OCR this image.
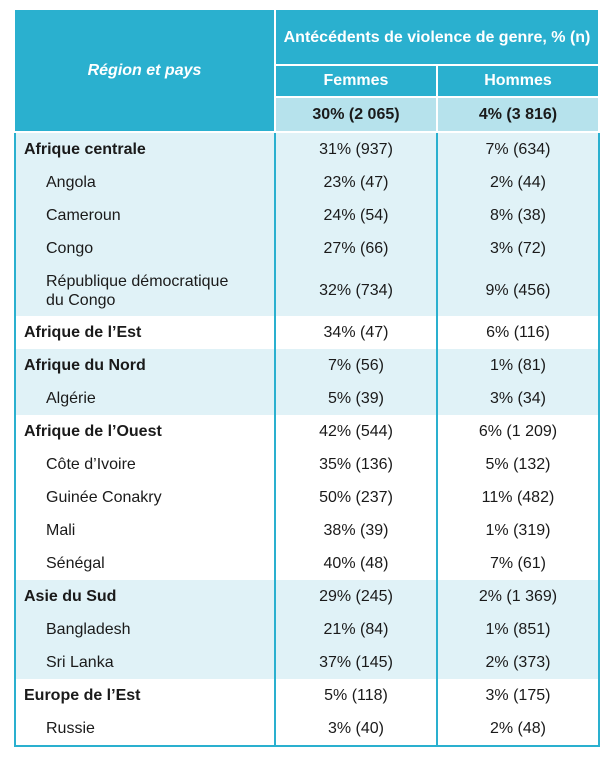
Région et pays	Antécédents de violence de genre, % (n)	
	Femmes	Hommes
	30% (2 065)	4% (3 816)
Afrique centrale	31% (937)	7% (634)
Angola	23% (47)	2% (44)
Cameroun	24% (54)	8% (38)
Congo	27% (66)	3% (72)
République démocratique
du Congo	32% (734)	9% (456)
Afrique de l’Est	34% (47)	6% (116)
Afrique du Nord	7% (56)	1% (81)
Algérie	5% (39)	3% (34)
Afrique de l’Ouest	42% (544)	6% (1 209)
Côte d’Ivoire	35% (136)	5% (132)
Guinée Conakry	50% (237)	11% (482)
Mali	38% (39)	1% (319)
Sénégal	40% (48)	7% (61)
Asie du Sud	29% (245)	2% (1 369)
Bangladesh	21% (84)	1% (851)
Sri Lanka	37% (145)	2% (373)
Europe de l’Est	5% (118)	3% (175)
Russie	3% (40)	2% (48)
